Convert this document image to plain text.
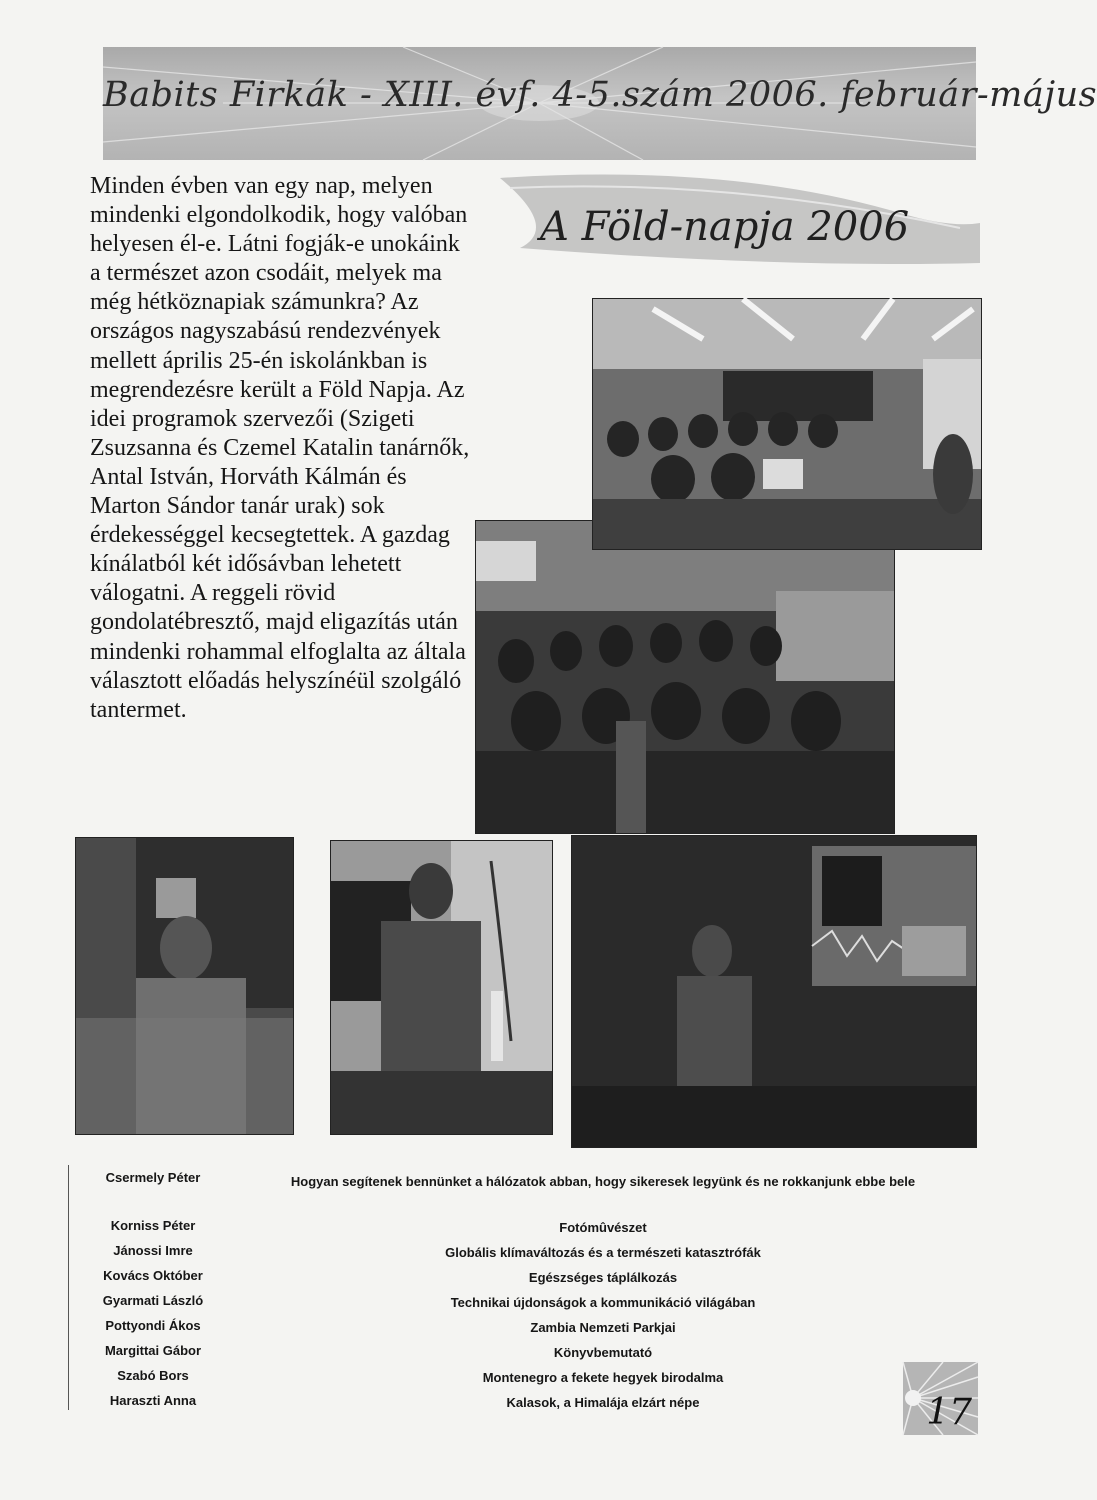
Babits Firkák - XIII. évf. 4-5.szám 2006. február-május

Minden évben van egy nap, melyen mindenki elgondolkodik, hogy valóban helyesen él-e. Látni fogják-e unokáink a természet azon csodáit, melyek ma még hétköznapiak számunkra? Az országos nagyszabású rendezvények mellett április 25-én iskolánkban is megrendezésre került a Föld Napja. Az idei programok szervezői (Szigeti Zsuzsanna és Czemel Katalin tanárnők, Antal István, Horváth Kálmán és Marton Sándor tanár urak) sok érdekességgel kecsegtettek. A gazdag kínálatból két idősávban lehetett válogatni. A reggeli rövid gondolatébresztő, majd eligazítás után mindenki rohammal elfoglalta az általa választott előadás helyszínéül szolgáló tantermet.

A Föld-napja 2006
Csermely Péter
Korniss Péter
Jánossi Imre
Kovács Október
Gyarmati László
Pottyondi Ákos
Margittai Gábor
Szabó Bors
Haraszti Anna
Hogyan segítenek bennünket a hálózatok abban, hogy sikeresek legyünk és ne rokkanjunk ebbe bele
Fotómûvészet
Globális klímaváltozás és a természeti katasztrófák
Egészséges táplálkozás
Technikai újdonságok a kommunikáció világában
Zambia Nemzeti Parkjai
Könyvbemutató
Montenegro a fekete hegyek birodalma
Kalasok, a Himalája elzárt népe	17
